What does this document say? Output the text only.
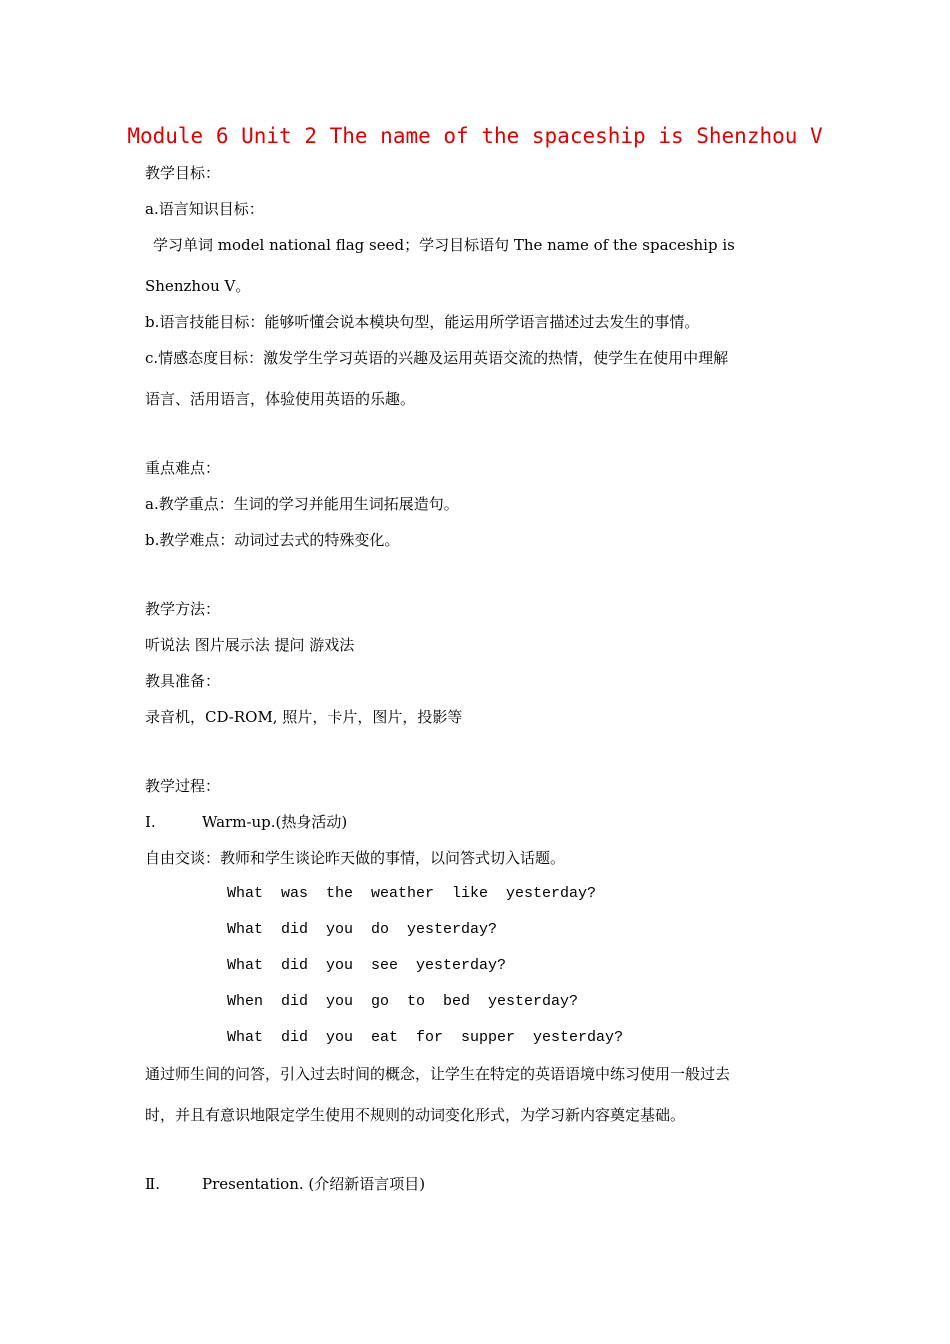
Module 6 Unit 2 The name of the spaceship is Shenzhou V
教学目标：
a.语言知识目标：
学习单词 model national flag seed；学习目标语句 The name of the spaceship is
Shenzhou V。
b.语言技能目标：能够听懂会说本模块句型，能运用所学语言描述过去发生的事情。
c.情感态度目标：激发学生学习英语的兴趣及运用英语交流的热情，使学生在使用中理解
语言、活用语言，体验使用英语的乐趣。
重点难点：
a.教学重点：生词的学习并能用生词拓展造句。
b.教学难点：动词过去式的特殊变化。
教学方法：
听说法 图片展示法 提问 游戏法
教具准备：
录音机，CD-ROM, 照片，卡片，图片，投影等
教学过程：
Ⅰ.	Warm-up.(热身活动)
自由交谈：教师和学生谈论昨天做的事情，以问答式切入话题。
What  was  the  weather  like  yesterday?
What  did  you  do  yesterday?
What  did  you  see  yesterday?
When  did  you  go  to  bed  yesterday?
What  did  you  eat  for  supper  yesterday?
通过师生间的问答，引入过去时间的概念，让学生在特定的英语语境中练习使用一般过去
时，并且有意识地限定学生使用不规则的动词变化形式，为学习新内容奠定基础。
Ⅱ.	Presentation. (介绍新语言项目)
